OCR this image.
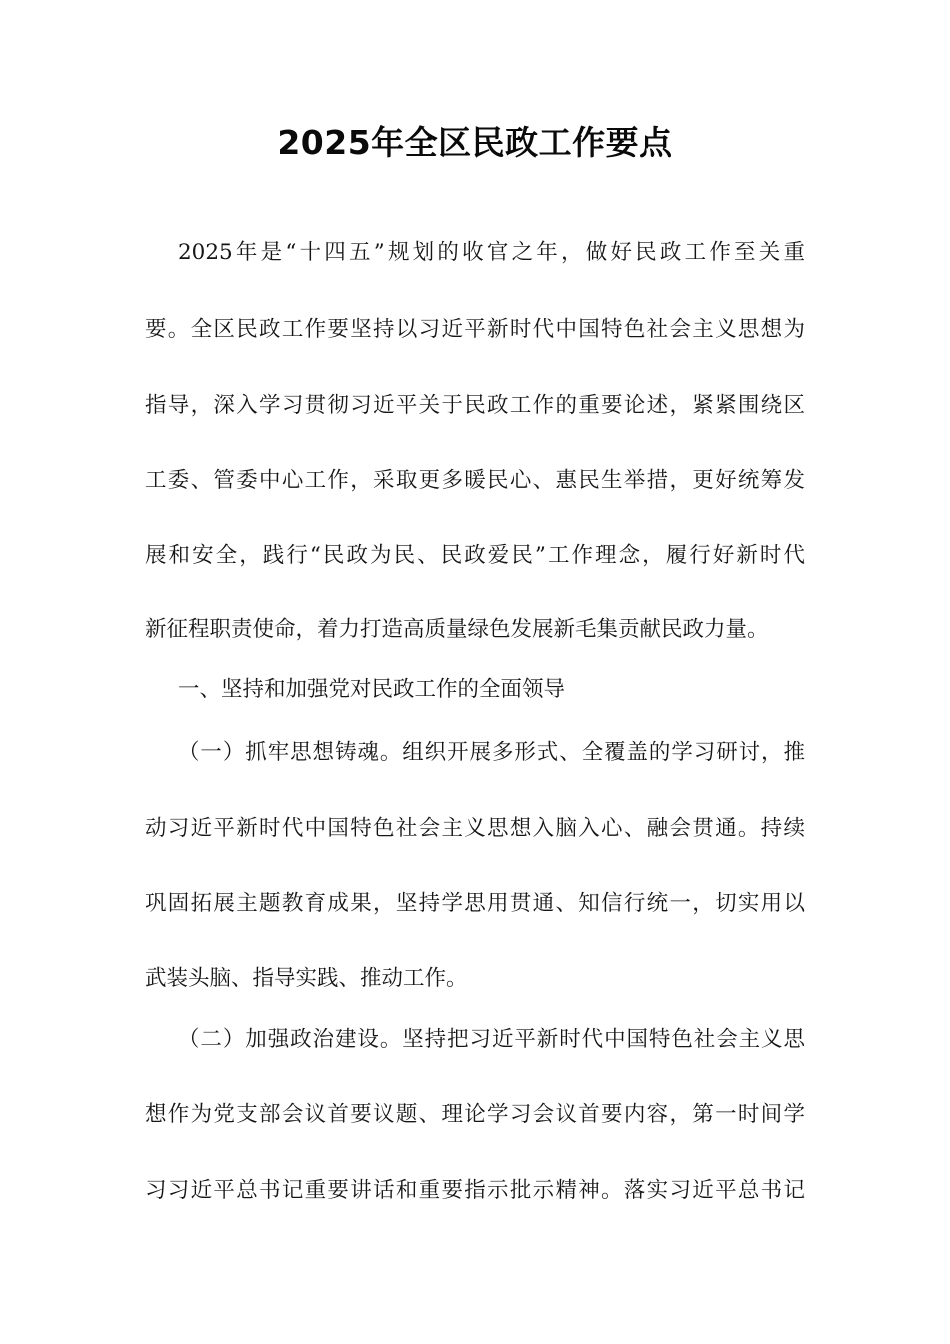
2025年全区民政工作要点
2025年是“十四五”规划的收官之年，做好民政工作至关重
要。全区民政工作要坚持以习近平新时代中国特色社会主义思想为
指导，深入学习贯彻习近平关于民政工作的重要论述，紧紧围绕区
工委、管委中心工作，采取更多暖民心、惠民生举措，更好统筹发
展和安全，践行“民政为民、民政爱民”工作理念，履行好新时代
新征程职责使命，着力打造高质量绿色发展新毛集贡献民政力量。
一、坚持和加强党对民政工作的全面领导
（一）抓牢思想铸魂。组织开展多形式、全覆盖的学习研讨，推
动习近平新时代中国特色社会主义思想入脑入心、融会贯通。持续
巩固拓展主题教育成果，坚持学思用贯通、知信行统一，切实用以
武装头脑、指导实践、推动工作。
（二）加强政治建设。坚持把习近平新时代中国特色社会主义思
想作为党支部会议首要议题、理论学习会议首要内容，第一时间学
习习近平总书记重要讲话和重要指示批示精神。落实习近平总书记
